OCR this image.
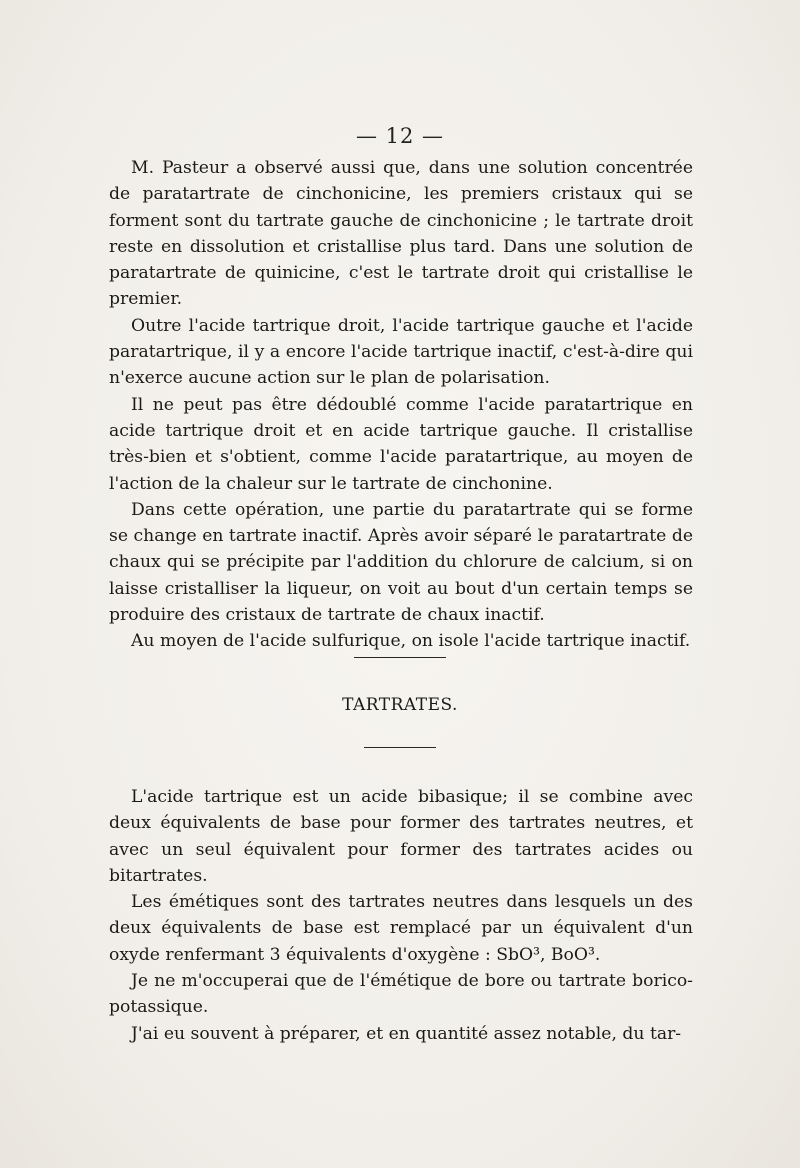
— 12 —

M. Pasteur a observé aussi que, dans une solution concentrée de paratartrate de cinchonicine, les premiers cristaux qui se forment sont du tartrate gauche de cinchonicine ; le tartrate droit reste en dissolution et cristallise plus tard. Dans une solution de paratartrate de quinicine, c'est le tartrate droit qui cristallise le premier.

Outre l'acide tartrique droit, l'acide tartrique gauche et l'acide paratartrique, il y a encore l'acide tartrique inactif, c'est-à-dire qui n'exerce aucune action sur le plan de polarisation.

Il ne peut pas être dédoublé comme l'acide paratartrique en acide tartrique droit et en acide tartrique gauche. Il cristallise très-bien et s'obtient, comme l'acide paratartrique, au moyen de l'action de la chaleur sur le tartrate de cinchonine.

Dans cette opération, une partie du paratartrate qui se forme se change en tartrate inactif. Après avoir séparé le paratartrate de chaux qui se précipite par l'addition du chlorure de calcium, si on laisse cristalliser la liqueur, on voit au bout d'un certain temps se produire des cristaux de tartrate de chaux inactif.

Au moyen de l'acide sulfurique, on isole l'acide tartrique inactif.

TARTRATES.

L'acide tartrique est un acide bibasique; il se combine avec deux équivalents de base pour former des tartrates neutres, et avec un seul équivalent pour former des tartrates acides ou bitartrates.

Les émétiques sont des tartrates neutres dans lesquels un des deux équivalents de base est remplacé par un équivalent d'un oxyde renfermant 3 équivalents d'oxygène : SbO³, BoO³.

Je ne m'occuperai que de l'émétique de bore ou tartrate borico-potassique.

J'ai eu souvent à préparer, et en quantité assez notable, du tar-
